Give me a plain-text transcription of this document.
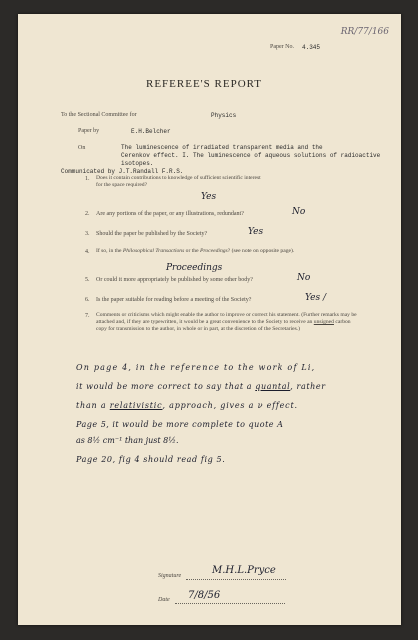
RR/77/166
Paper No. 4.345
REFEREE'S REPORT
To the Sectional Committee for	Physics
Paper by	E.H.Belcher
On	The luminescence of irradiated transparent media and the
Cerenkov effect. I. The luminescence of aqueous solutions of radioactive
isotopes.
Communicated by J.T.Randall F.R.S.
1. Does it contain contributions to knowledge of sufficient scientific interest for the space required?
Yes
2. Are any portions of the paper, or any illustrations, redundant?	No
3. Should the paper be published by the Society?	Yes
4. If so, in the Philosophical Transactions or the Proceedings? (see note on opposite page).
Proceedings
5. Or could it more appropriately be published by some other body?	No
6. Is the paper suitable for reading before a meeting of the Society?	Yes /
7. Comments or criticisms which might enable the author to improve or correct his statement. (Further remarks may be attached and, if they are typewritten, it would be a great convenience to the Society to receive an unsigned carbon copy for transmission to the author, in whole or in part, at the discretion of the Secretaries.)
On page 4, in the reference to the work of Li,
it would be more correct to say that a quantal, rather
than a relativistic, approach, gives a ν effect.
Page 5, it would be more complete to quote A
as 8½ cm⁻¹ than just 8½.
Page 20, fig 4 should read fig 5.
Signature	M.H.L.Pryce
Date 7/8/56
